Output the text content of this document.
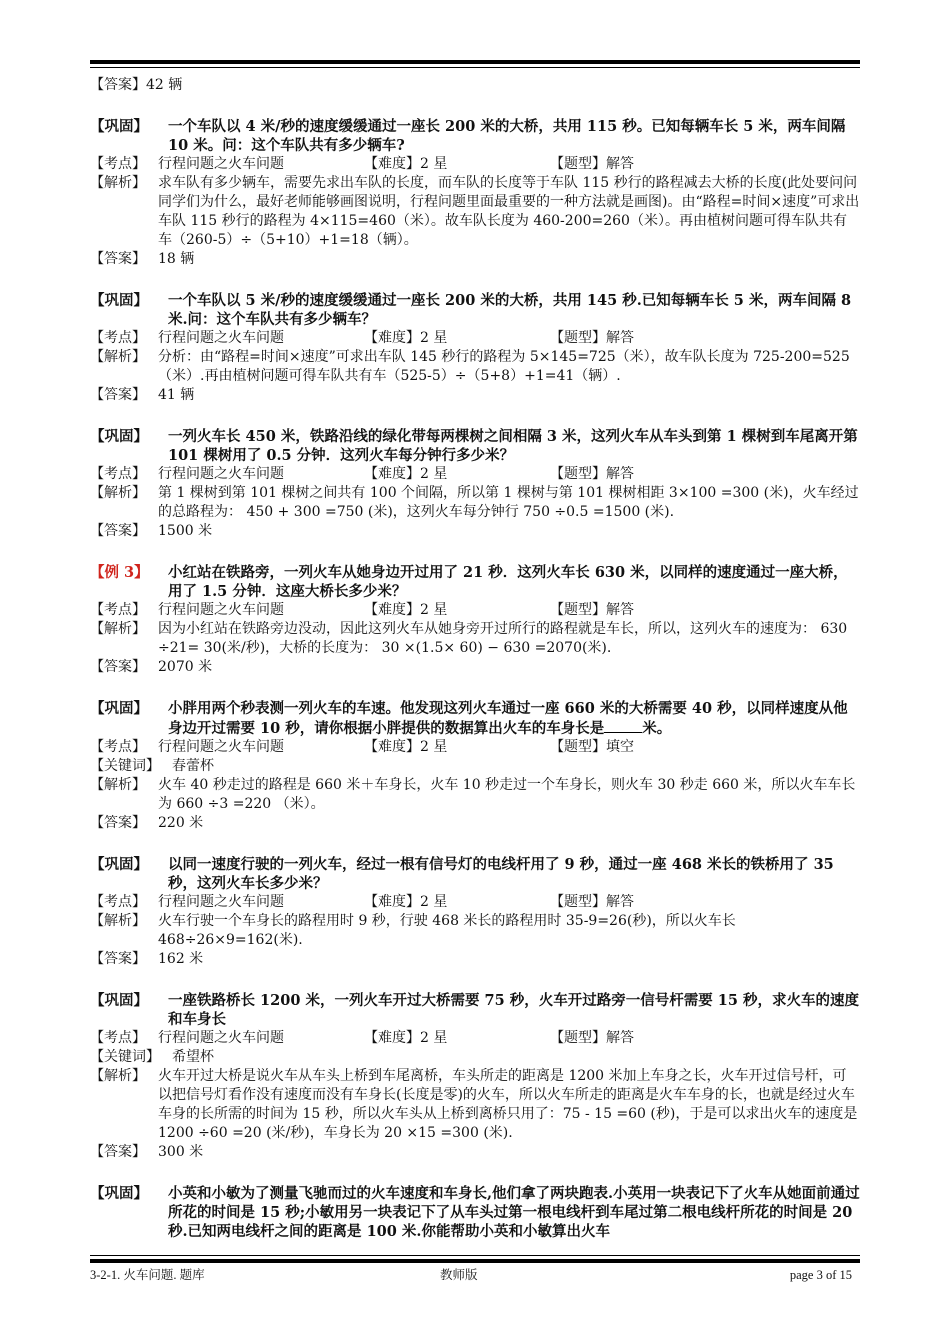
【答案】42 辆
【巩固】	一个车队以 4 米/秒的速度缓缓通过一座长 200 米的大桥，共用 115 秒。已知每辆车长 5 米，两车间隔 10 米。问：这个车队共有多少辆车?
【考点】 行程问题之火车问题	【难度】 2 星	【题型】 解答
【解析】 求车队有多少辆车，需要先求出车队的长度，而车队的长度等于车队 115 秒行的路程减去大桥的长度(此处要问问同学们为什么，最好老师能够画图说明，行程问题里面最重要的一种方法就是画图)。由“路程=时间×速度”可求出车队 115 秒行的路程为 4×115=460（米）。故车队长度为 460-200=260（米）。再由植树问题可得车队共有车（260-5）÷（5+10）+1=18（辆）。
【答案】 18 辆
【巩固】	一个车队以 5 米/秒的速度缓缓通过一座长 200 米的大桥，共用 145 秒.已知每辆车长 5 米，两车间隔 8 米.问：这个车队共有多少辆车？
【考点】 行程问题之火车问题	【难度】 2 星	【题型】 解答
【解析】 分析：由“路程=时间×速度”可求出车队 145 秒行的路程为 5×145=725（米），故车队长度为 725-200=525（米）.再由植树问题可得车队共有车（525-5）÷（5+8）+1=41（辆）.
【答案】 41 辆
【巩固】	一列火车长 450 米，铁路沿线的绿化带每两棵树之间相隔 3 米，这列火车从车头到第 1 棵树到车尾离开第 101 棵树用了 0.5 分钟．这列火车每分钟行多少米？
【考点】 行程问题之火车问题	【难度】 2 星	【题型】 解答
【解析】 第 1 棵树到第 101 棵树之间共有 100 个间隔，所以第 1 棵树与第 101 棵树相距 3×100 =300 (米)，火车经过的总路程为： 450 + 300 =750 (米)，这列火车每分钟行 750 ÷0.5 =1500 (米).
【答案】 1500 米
【例 3】	小红站在铁路旁，一列火车从她身边开过用了 21 秒．这列火车长 630 米，以同样的速度通过一座大桥，用了 1.5 分钟．这座大桥长多少米？
【考点】 行程问题之火车问题	【难度】 2 星	【题型】 解答
【解析】 因为小红站在铁路旁边没动，因此这列火车从她身旁开过所行的路程就是车长，所以，这列火车的速度为： 630 ÷21= 30(米/秒)，大桥的长度为： 30 ×(1.5× 60) − 630 =2070(米).
【答案】 2070 米
【巩固】	小胖用两个秒表测一列火车的车速。他发现这列火车通过一座 660 米的大桥需要 40 秒，以同样速度从他身边开过需要 10 秒，请你根据小胖提供的数据算出火车的车身长是	米。
【考点】 行程问题之火车问题	【难度】 2 星	【题型】 填空
【关键词】 春蕾杯
【解析】 火车 40 秒走过的路程是 660 米＋车身长，火车 10 秒走过一个车身长，则火车 30 秒走 660 米，所以火车车长为 660 ÷3 =220 （米）。
【答案】 220 米
【巩固】	以同一速度行驶的一列火车，经过一根有信号灯的电线杆用了 9 秒，通过一座 468 米长的铁桥用了 35 秒，这列火车长多少米？
【考点】 行程问题之火车问题	【难度】 2 星	【题型】 解答
【解析】 火车行驶一个车身长的路程用时 9 秒，行驶 468 米长的路程用时 35-9=26(秒)，所以火车长 468÷26×9=162(米).
【答案】 162 米
【巩固】	一座铁路桥长 1200 米，一列火车开过大桥需要 75 秒，火车开过路旁一信号杆需要 15 秒，求火车的速度和车身长
【考点】 行程问题之火车问题	【难度】 2 星	【题型】 解答
【关键词】 希望杯
【解析】 火车开过大桥是说火车从车头上桥到车尾离桥，车头所走的距离是 1200 米加上车身之长，火车开过信号杆，可以把信号灯看作没有速度而没有车身长(长度是零)的火车，所以火车所走的距离是火车车身的长，也就是经过火车车身的长所需的时间为 15 秒，所以火车头从上桥到离桥只用了：75 - 15 =60 (秒)，于是可以求出火车的速度是 1200 ÷60 =20 (米/秒)，车身长为 20 ×15 =300 (米).
【答案】 300 米
【巩固】	小英和小敏为了测量飞驰而过的火车速度和车身长,他们拿了两块跑表.小英用一块表记下了火车从她面前通过所花的时间是 15 秒;小敏用另一块表记下了从车头过第一根电线杆到车尾过第二根电线杆所花的时间是 20 秒.已知两电线杆之间的距离是 100 米.你能帮助小英和小敏算出火车
3-2-1. 火车问题. 题库	教师版	page 3 of 15
